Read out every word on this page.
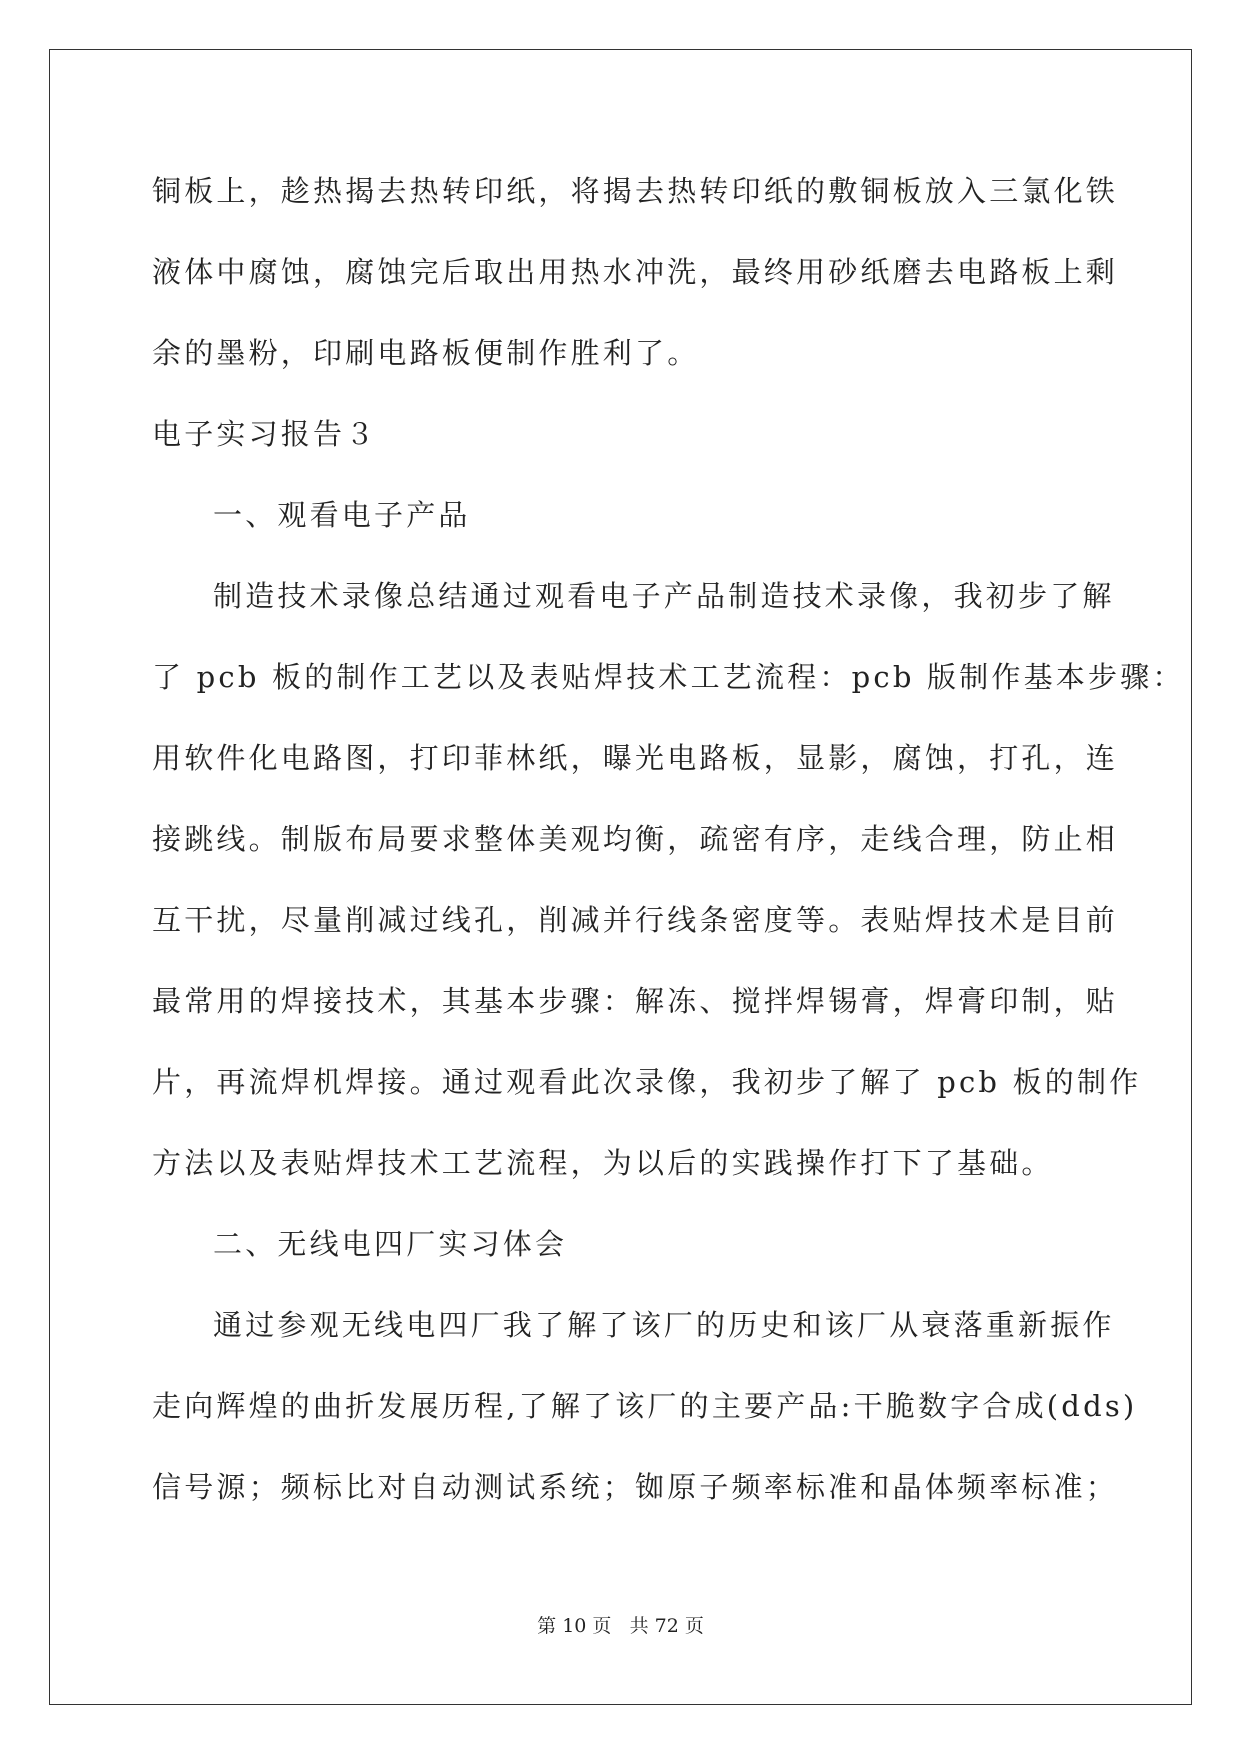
铜板上，趁热揭去热转印纸，将揭去热转印纸的敷铜板放入三氯化铁
液体中腐蚀，腐蚀完后取出用热水冲洗，最终用砂纸磨去电路板上剩
余的墨粉，印刷电路板便制作胜利了。
电子实习报告３
一、观看电子产品
制造技术录像总结通过观看电子产品制造技术录像，我初步了解
了 pcb 板的制作工艺以及表贴焊技术工艺流程：pcb 版制作基本步骤：
用软件化电路图，打印菲林纸，曝光电路板，显影，腐蚀，打孔，连
接跳线。制版布局要求整体美观均衡，疏密有序，走线合理，防止相
互干扰，尽量削减过线孔，削减并行线条密度等。表贴焊技术是目前
最常用的焊接技术，其基本步骤：解冻、搅拌焊锡膏，焊膏印制，贴
片，再流焊机焊接。通过观看此次录像，我初步了解了 pcb 板的制作
方法以及表贴焊技术工艺流程，为以后的实践操作打下了基础。
二、无线电四厂实习体会
通过参观无线电四厂我了解了该厂的历史和该厂从衰落重新振作
走向辉煌的曲折发展历程,了解了该厂的主要产品:干脆数字合成(dds)
信号源；频标比对自动测试系统；铷原子频率标准和晶体频率标准；
第 10 页 共 72 页
